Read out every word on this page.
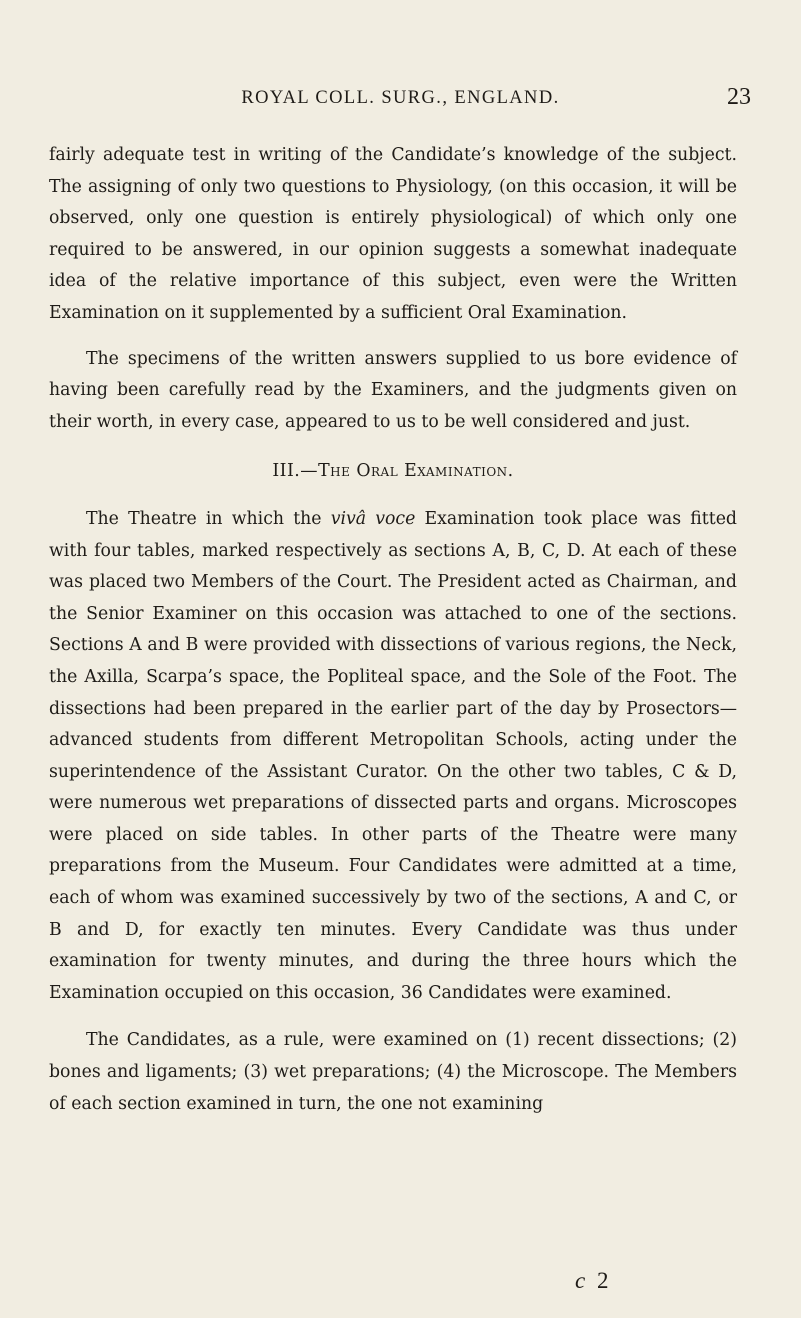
ROYAL COLL. SURG., ENGLAND.	23

fairly adequate test in writing of the Candidate’s knowledge of the subject. The assigning of only two questions to Physiology, (on this occasion, it will be observed, only one question is entirely physiological) of which only one required to be answered, in our opinion suggests a somewhat inadequate idea of the relative importance of this subject, even were the Written Examination on it supplemented by a sufficient Oral Examination.

The specimens of the written answers supplied to us bore evidence of having been carefully read by the Examiners, and the judgments given on their worth, in every case, appeared to us to be well considered and just.

III.—The Oral Examination.

The Theatre in which the vivâ voce Examination took place was fitted with four tables, marked respectively as sections A, B, C, D. At each of these was placed two Members of the Court. The President acted as Chairman, and the Senior Examiner on this occasion was attached to one of the sections. Sections A and B were provided with dissections of various regions, the Neck, the Axilla, Scarpa’s space, the Popliteal space, and the Sole of the Foot. The dissections had been prepared in the earlier part of the day by Prosectors—advanced students from different Metropolitan Schools, acting under the superintendence of the Assistant Curator. On the other two tables, C & D, were numerous wet preparations of dissected parts and organs. Microscopes were placed on side tables. In other parts of the Theatre were many preparations from the Museum. Four Candidates were admitted at a time, each of whom was examined successively by two of the sections, A and C, or B and D, for exactly ten minutes. Every Candidate was thus under examination for twenty minutes, and during the three hours which the Examination occupied on this occasion, 36 Candidates were examined.

The Candidates, as a rule, were examined on (1) recent dissections; (2) bones and ligaments; (3) wet preparations; (4) the Microscope. The Members of each section examined in turn, the one not examining

c 2
